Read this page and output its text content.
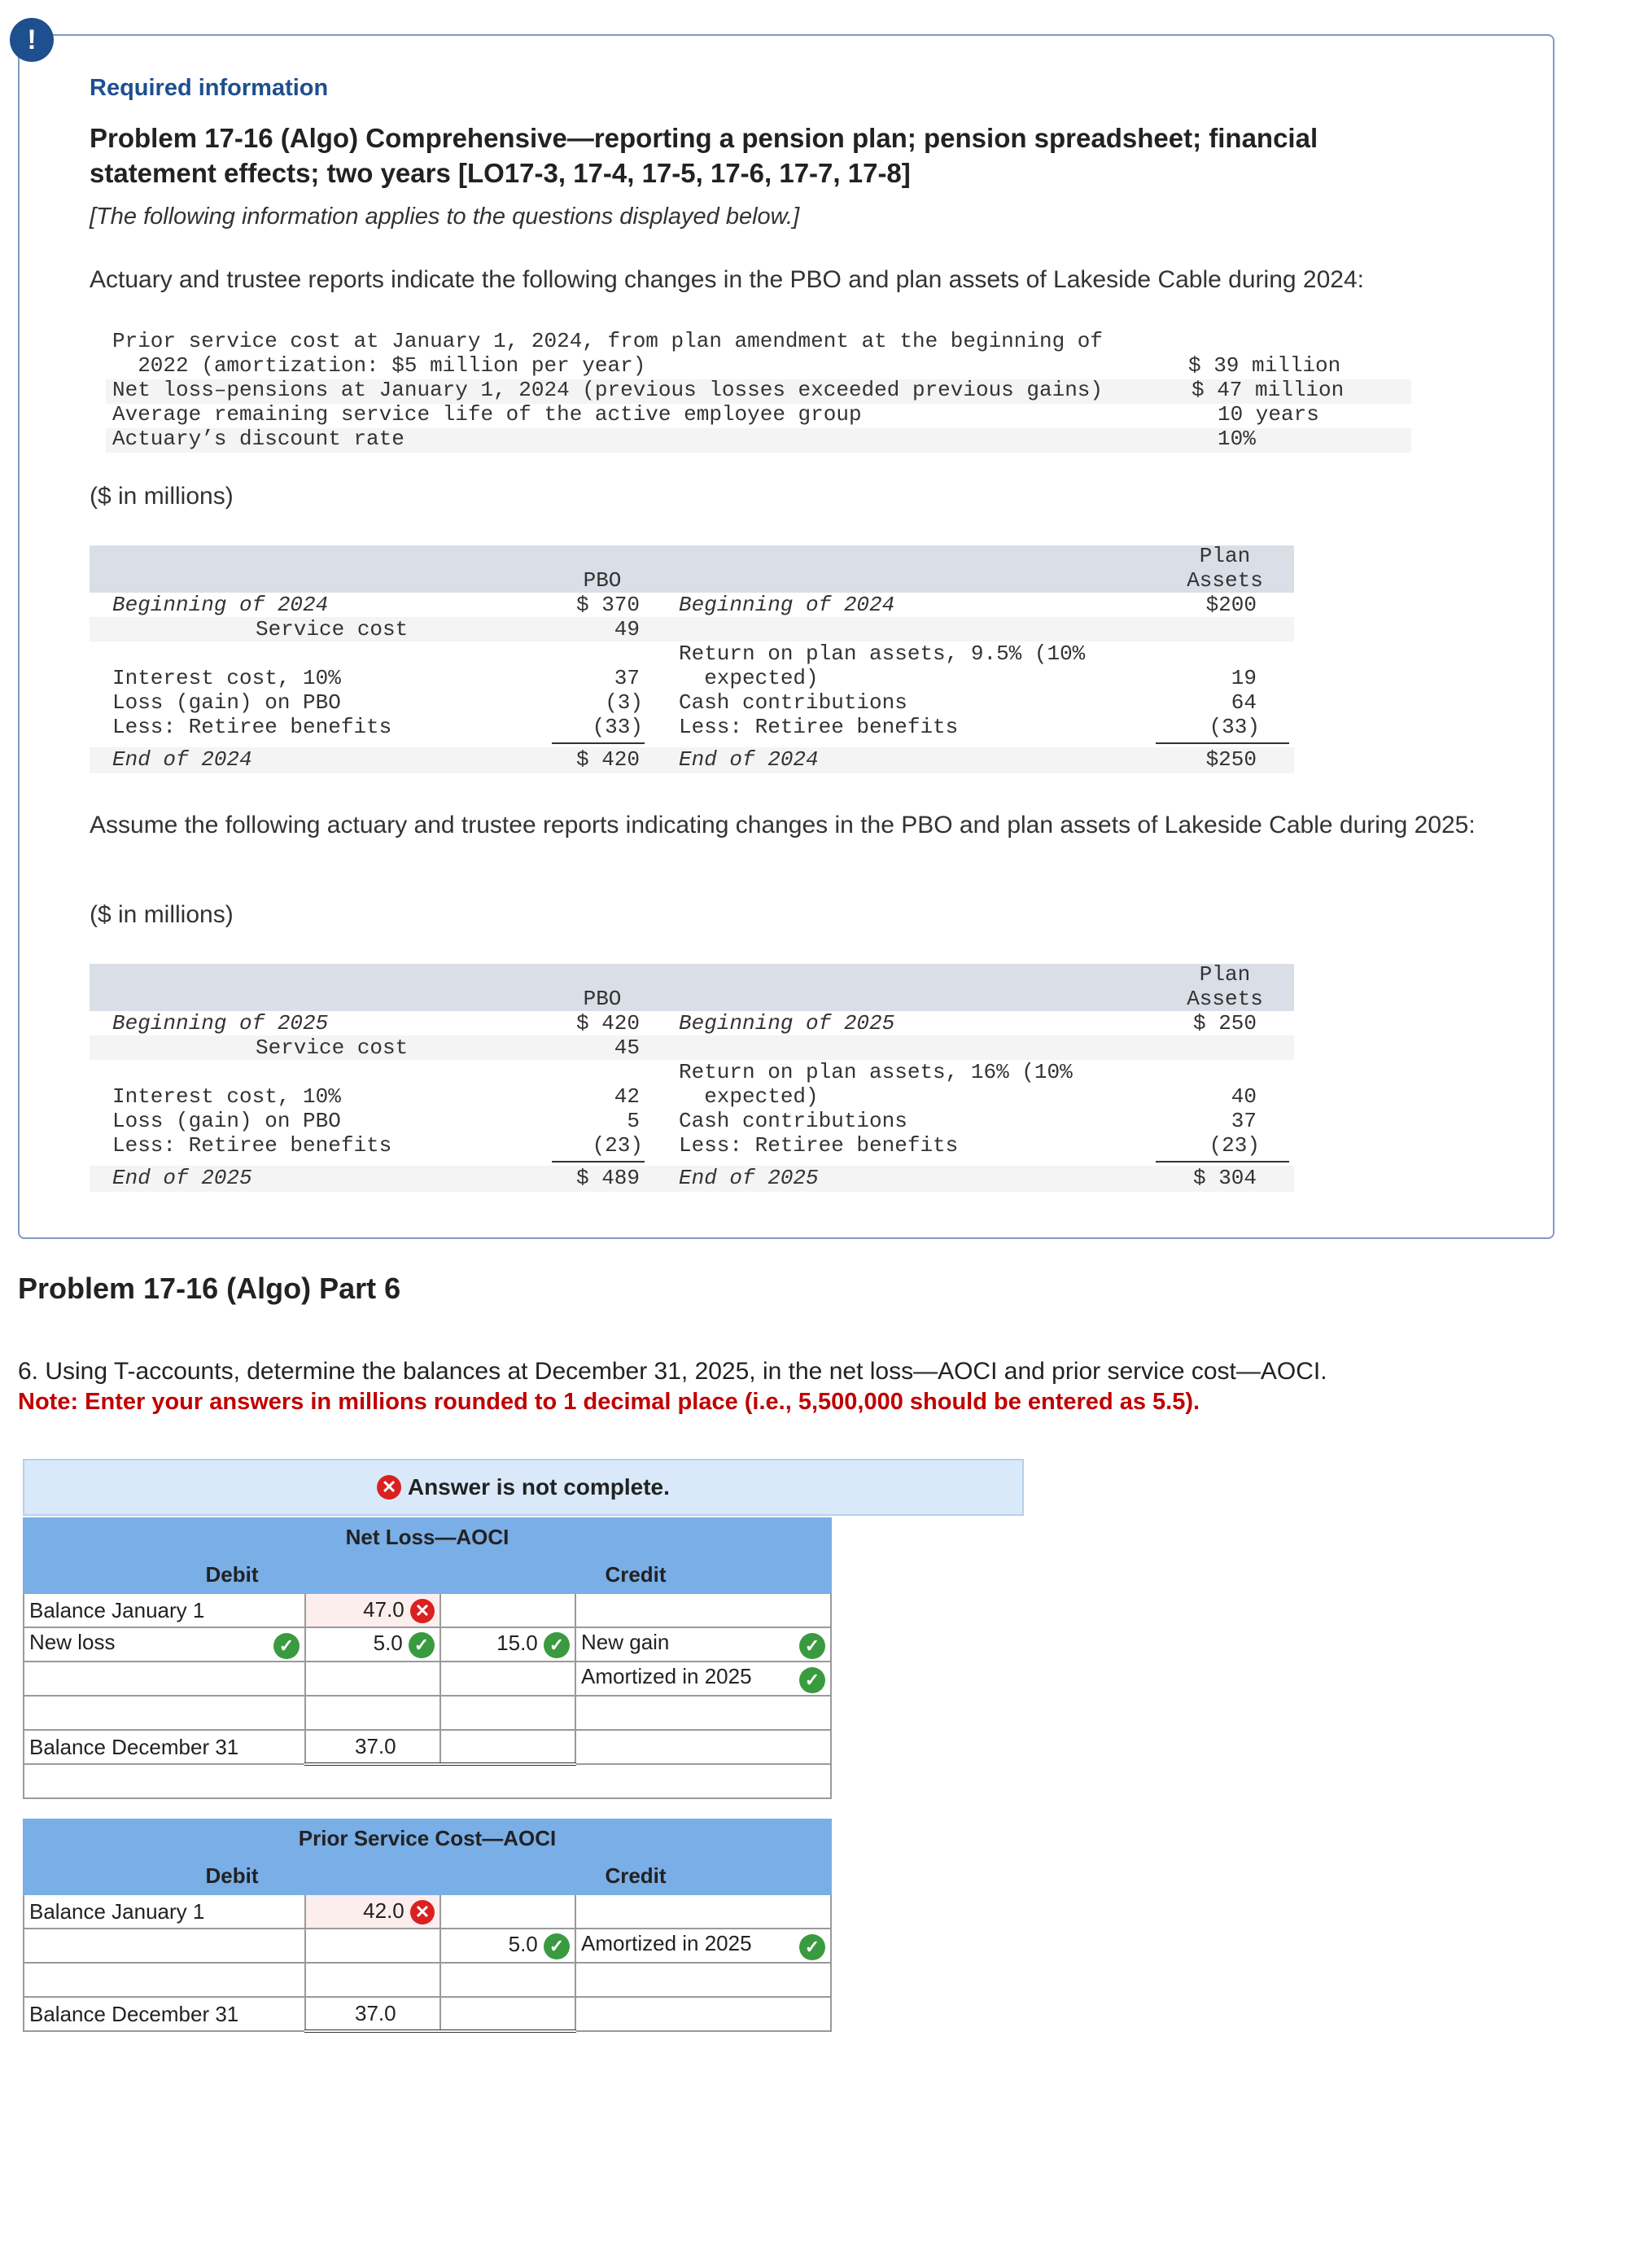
!
Required information
Problem 17-16 (Algo) Comprehensive—reporting a pension plan; pension spreadsheet; financial statement effects; two years [LO17-3, 17-4, 17-5, 17-6, 17-7, 17-8]
[The following information applies to the questions displayed below.]
Actuary and trustee reports indicate the following changes in the PBO and plan assets of Lakeside Cable during 2024:
Prior service cost at January 1, 2024, from plan amendment at the beginning of
2022 (amortization: $5 million per year)	$ 39 million
Net loss–pensions at January 1, 2024 (previous losses exceeded previous gains)	$ 47 million
Average remaining service life of the active employee group	10 years
Actuary’s discount rate	10%
($ in millions)
PBO
Plan
Assets
Beginning of 2024	$ 370
Service cost	49
Interest cost, 10%	37
Loss (gain) on PBO	(3)
Less: Retiree benefits	(33)
End of 2024	$ 420
Beginning of 2024	$200
Return on plan assets, 9.5% (10%
expected)	19
Cash contributions	64
Less: Retiree benefits	(33)
End of 2024	$250
Assume the following actuary and trustee reports indicating changes in the PBO and plan assets of Lakeside Cable during 2025:
($ in millions)
PBO
Plan
Assets
Beginning of 2025	$ 420
Service cost	45
Interest cost, 10%	42
Loss (gain) on PBO	5
Less: Retiree benefits	(23)
End of 2025	$ 489
Beginning of 2025	$ 250
Return on plan assets, 16% (10%
expected)	40
Cash contributions	37
Less: Retiree benefits	(23)
End of 2025	$ 304
Problem 17-16 (Algo) Part 6
6. Using T-accounts, determine the balances at December 31, 2025, in the net loss—AOCI and prior service cost—AOCI.
Note: Enter your answers in millions rounded to 1 decimal place (i.e., 5,500,000 should be entered as 5.5).
✕
Answer is not complete.
Net Loss—AOCI			
Debit		Credit	
Balance January 1	47.0 ✕		
New loss ✓	5.0 ✓	15.0 ✓	New gain ✓

			Amortized in 2025 ✓

Balance December 31	37.0		

Prior Service Cost—AOCI			
Debit		Credit	
Balance January 1	42.0 ✕		
		5.0 ✓	Amortized in 2025 ✓

Balance December 31	37.0		
